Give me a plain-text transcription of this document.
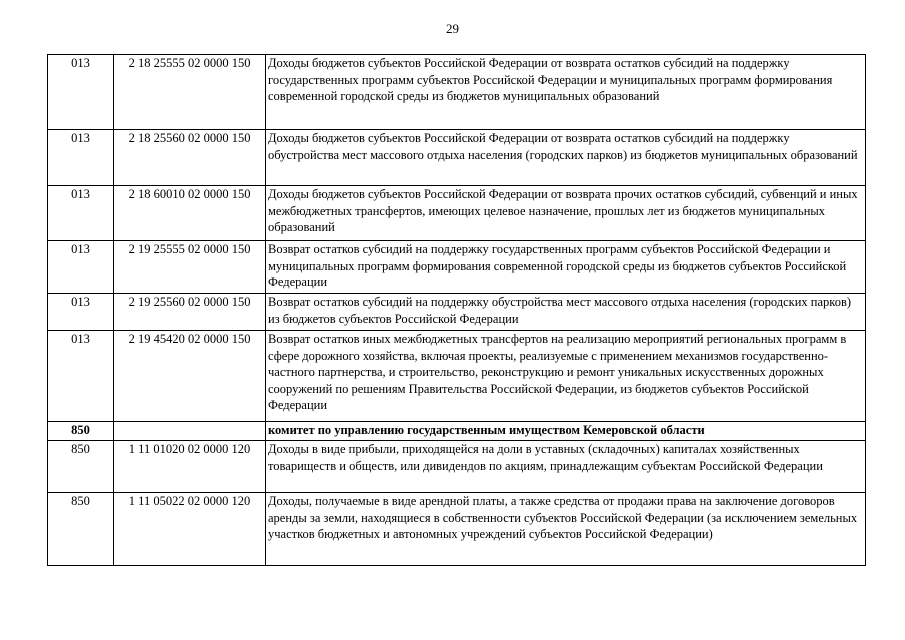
29
013	2 18 25555 02 0000 150	Доходы бюджетов субъектов Российской Федерации от возврата остатков субсидий на поддержку государственных программ субъектов Российской Федерации и муниципальных программ формирования современной городской среды из бюджетов муниципальных образований
013	2 18 25560 02 0000 150	Доходы бюджетов субъектов Российской Федерации от возврата остатков субсидий на поддержку обустройства мест массового отдыха населения (городских парков) из бюджетов муниципальных образований
013	2 18 60010 02 0000 150	Доходы бюджетов субъектов Российской Федерации от возврата прочих остатков субсидий, субвенций и иных межбюджетных трансфертов, имеющих целевое назначение, прошлых лет из бюджетов муниципальных образований
013	2 19 25555 02 0000 150	Возврат остатков субсидий на поддержку государственных программ субъектов Российской Федерации и муниципальных программ формирования современной городской среды из бюджетов субъектов Российской Федерации
013	2 19 25560 02 0000 150	Возврат остатков субсидий на поддержку обустройства мест массового отдыха населения (городских парков) из бюджетов субъектов Российской Федерации
013	2 19 45420 02 0000 150	Возврат остатков иных межбюджетных трансфертов на реализацию мероприятий региональных программ в сфере дорожного хозяйства, включая проекты, реализуемые с применением механизмов государственно-частного партнерства, и строительство, реконструкцию и ремонт уникальных искусственных дорожных сооружений по решениям Правительства Российской Федерации, из бюджетов субъектов Российской Федерации
850		комитет по управлению государственным имуществом Кемеровской области
850	1 11 01020 02 0000 120	Доходы в виде прибыли, приходящейся на доли в уставных (складочных) капиталах хозяйственных товариществ и обществ, или дивидендов по акциям, принадлежащим субъектам Российской Федерации
850	1 11 05022 02 0000 120	Доходы, получаемые в виде арендной платы, а также средства от продажи права на заключение договоров аренды за земли, находящиеся в собственности субъектов Российской Федерации (за исключением земельных участков бюджетных и автономных учреждений субъектов Российской Федерации)
